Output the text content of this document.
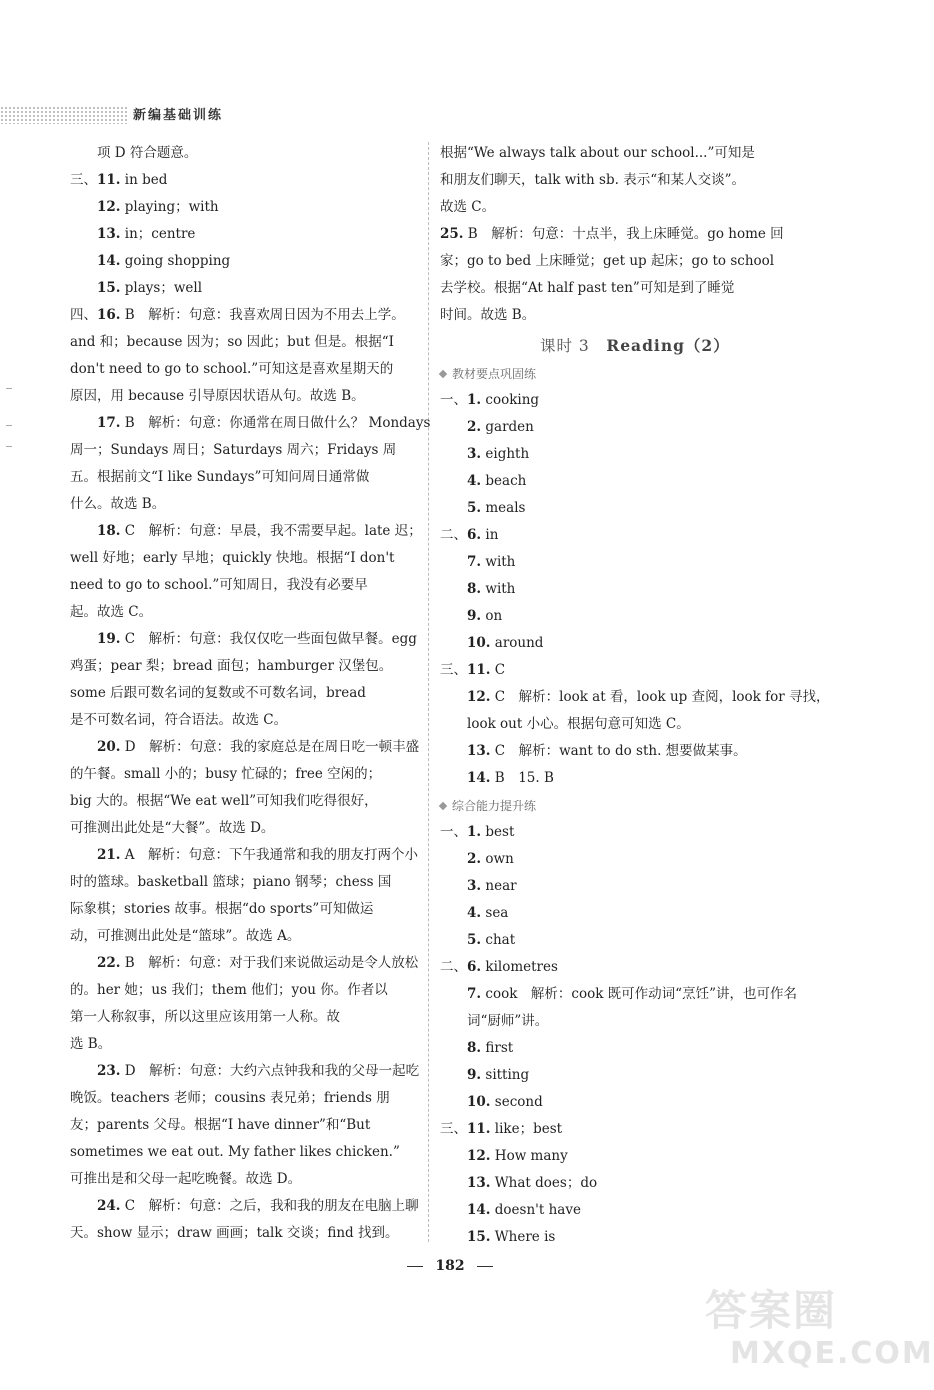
新编基础训练
　　项 D 符合题意。
三、11. in bed
　　12. playing；with
　　13. in；centre
　　14. going shopping
　　15. plays；well
四、16. B　解析：句意：我喜欢周日因为不用去上学。
and 和；because 因为；so 因此；but 但是。根据“I
don't need to go to school.”可知这是喜欢星期天的
原因，用 because 引导原因状语从句。故选 B。
　　17. B　解析：句意：你通常在周日做什么？ Mondays
周一；Sundays 周日；Saturdays 周六；Fridays 周
五。根据前文“I like Sundays”可知问周日通常做
什么。故选 B。
　　18. C　解析：句意：早晨，我不需要早起。late 迟；
well 好地；early 早地；quickly 快地。根据“I don't
need to go to school.”可知周日，我没有必要早
起。故选 C。
　　19. C　解析：句意：我仅仅吃一些面包做早餐。egg
鸡蛋；pear 梨；bread 面包；hamburger 汉堡包。
some 后跟可数名词的复数或不可数名词，bread
是不可数名词，符合语法。故选 C。
　　20. D　解析：句意：我的家庭总是在周日吃一顿丰盛
的午餐。small 小的；busy 忙碌的；free 空闲的；
big 大的。根据“We eat well”可知我们吃得很好，
可推测出此处是“大餐”。故选 D。
　　21. A　解析：句意：下午我通常和我的朋友打两个小
时的篮球。basketball 篮球；piano 钢琴；chess 国
际象棋；stories 故事。根据“do sports”可知做运
动，可推测出此处是“篮球”。故选 A。
　　22. B　解析：句意：对于我们来说做运动是令人放松
的。her 她；us 我们；them 他们；you 你。作者以
第一人称叙事，所以这里应该用第一人称。故
选 B。
　　23. D　解析：句意：大约六点钟我和我的父母一起吃
晚饭。teachers 老师；cousins 表兄弟；friends 朋
友；parents 父母。根据“I have dinner”和“But
sometimes we eat out. My father likes chicken.”
可推出是和父母一起吃晚餐。故选 D。
　　24. C　解析：句意：之后，我和我的朋友在电脑上聊
天。show 显示；draw 画画；talk 交谈；find 找到。
课时 3　 Reading（2）
教材要点巩固练
综合能力提升练
根据“We always talk about our school...”可知是
和朋友们聊天，talk with sb. 表示“和某人交谈”。
故选 C。
25. B　解析：句意：十点半，我上床睡觉。go home 回
家；go to bed 上床睡觉；get up 起床；go to school
去学校。根据“At half past ten”可知是到了睡觉
时间。故选 B。
一、1. cooking
　　2. garden
　　3. eighth
　　4. beach
　　5. meals
二、6. in
　　7. with
　　8. with
　　9. on
　　10. around
三、11. C
　　12. C　解析：look at 看，look up 查阅，look for 寻找，
　　look out 小心。根据句意可知选 C。
　　13. C　解析：want to do sth. 想要做某事。
　　14. B　15. B
一、1. best
　　2. own
　　3. near
　　4. sea
　　5. chat
二、6. kilometres
　　7. cook　解析：cook 既可作动词“烹饪”讲，也可作名
　　词“厨师”讲。
　　8. first
　　9. sitting
　　10. second
三、11. like；best
　　12. How many
　　13. What does；do
　　14. doesn't have
　　15. Where is
182
答案圈
MXQE.COM
